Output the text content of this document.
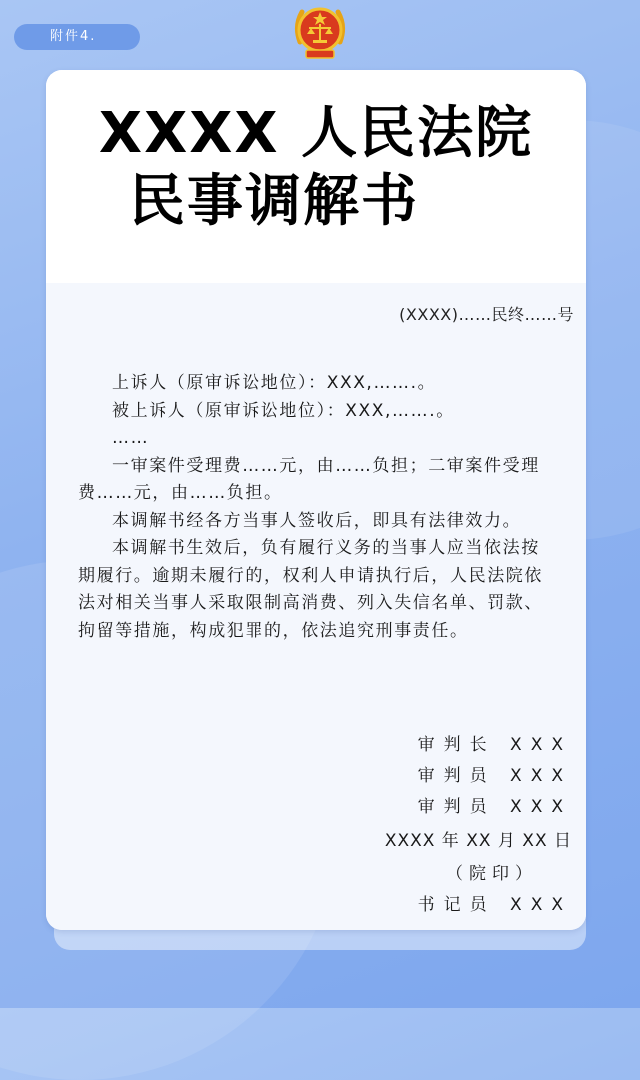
附件4.
XXXX 人民法院
民事调解书
(XXXX)……民终……号

上诉人（原审诉讼地位）：XXX,…….。

被上诉人（原审诉讼地位）：XXX,…….。

……

一审案件受理费……元，由……负担；二审案件受理费……元，由……负担。

本调解书经各方当事人签收后，即具有法律效力。

本调解书生效后，负有履行义务的当事人应当依法按期履行。逾期未履行的，权利人申请执行后，人民法院依法对相关当事人采取限制高消费、列入失信名单、罚款、拘留等措施，构成犯罪的，依法追究刑事责任。

审判长 XXX
审判员 XXX
审判员 XXX
XXXX 年 XX 月 XX 日
（院印）
书记员 XXX
